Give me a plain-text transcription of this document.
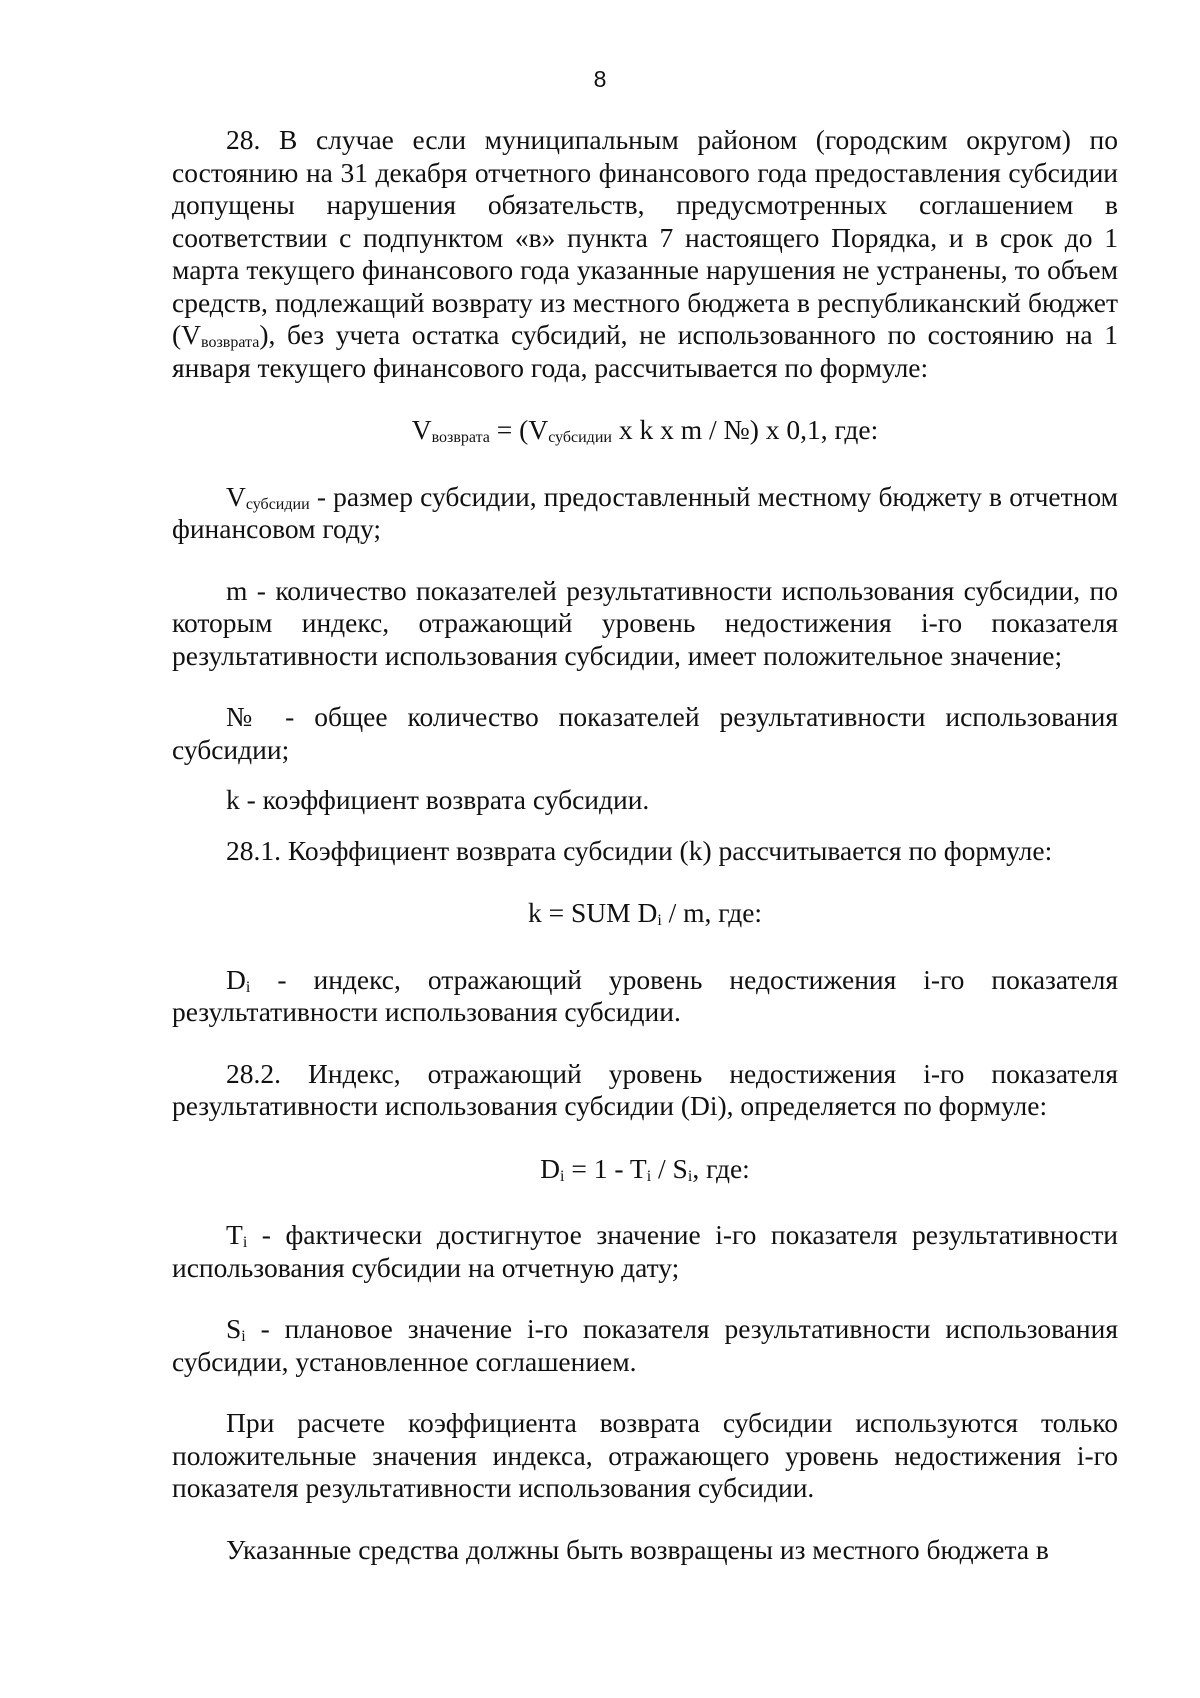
8

28. В случае если муниципальным районом (городским округом) по состоянию на 31 декабря отчетного финансового года предоставления субсидии допущены нарушения обязательств, предусмотренных соглашением в соответствии с подпунктом «в» пункта 7 настоящего Порядка, и в срок до 1 марта текущего финансового года указанные нарушения не устранены, то объем средств, подлежащий возврату из местного бюджета в республиканский бюджет $(V_{возврата})$, без учета остатка субсидий, не использованного по состоянию на 1 января текущего финансового года, рассчитывается по формуле:

$V_{возврата} = (V_{субсидии}$ х k х m / №) х 0,1, где:

$V_{субсидии}$ - размер субсидии, предоставленный местному бюджету в отчетном финансовом году;

m - количество показателей результативности использования субсидии, по которым индекс, отражающий уровень недостижения i-го показателя результативности использования субсидии, имеет положительное значение;

№ - общее количество показателей результативности использования субсидии;

k - коэффициент возврата субсидии.

28.1. Коэффициент возврата субсидии (k) рассчитывается по формуле:

k = SUM $D_i$ / m, где:

$D_i$ - индекс, отражающий уровень недостижения i-го показателя результативности использования субсидии.

28.2. Индекс, отражающий уровень недостижения i-го показателя результативности использования субсидии (Di), определяется по формуле:

$D_i = 1 - T_i / S_i$, где:

$T_i$ - фактически достигнутое значение i-го показателя результативности использования субсидии на отчетную дату;

$S_i$ - плановое значение i-го показателя результативности использования субсидии, установленное соглашением.

При расчете коэффициента возврата субсидии используются только положительные значения индекса, отражающего уровень недостижения i-го показателя результативности использования субсидии.

Указанные средства должны быть возвращены из местного бюджета в
